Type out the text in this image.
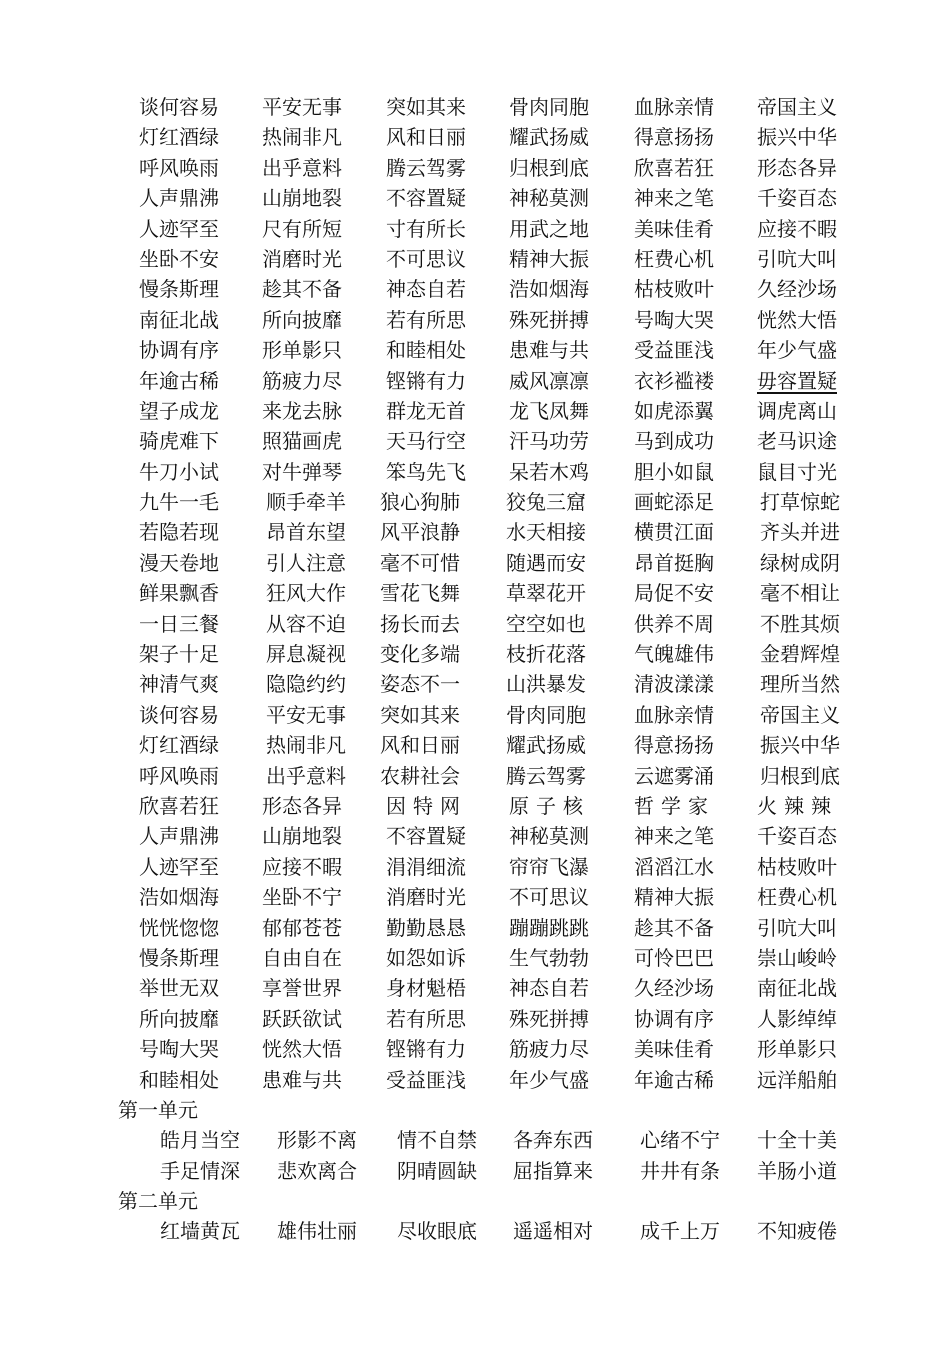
谈何容易 平安无事 突如其来 骨肉同胞 血脉亲情 帝国主义
灯红酒绿 热闹非凡 风和日丽 耀武扬威 得意扬扬 振兴中华
呼风唤雨 出乎意料 腾云驾雾 归根到底 欣喜若狂 形态各异
人声鼎沸 山崩地裂 不容置疑 神秘莫测 神来之笔 千姿百态
人迹罕至 尺有所短 寸有所长 用武之地 美味佳肴 应接不暇
坐卧不安 消磨时光 不可思议 精神大振 枉费心机 引吭大叫
慢条斯理 趁其不备 神态自若 浩如烟海 枯枝败叶 久经沙场
南征北战 所向披靡 若有所思 殊死拼搏 号啕大哭 恍然大悟
协调有序 形单影只 和睦相处 患难与共 受益匪浅 年少气盛
年逾古稀 筋疲力尽 铿锵有力 威风凛凛 衣衫褴褛 毋容置疑
望子成龙 来龙去脉 群龙无首 龙飞凤舞 如虎添翼 调虎离山
骑虎难下 照猫画虎 天马行空 汗马功劳 马到成功 老马识途
牛刀小试 对牛弹琴 笨鸟先飞 呆若木鸡 胆小如鼠 鼠目寸光
九牛一毛 顺手牵羊 狼心狗肺 狡兔三窟 画蛇添足 打草惊蛇
若隐若现 昂首东望 风平浪静 水天相接 横贯江面 齐头并进
漫天卷地 引人注意 毫不可惜 随遇而安 昂首挺胸 绿树成阴
鲜果飘香 狂风大作 雪花飞舞 草翠花开 局促不安 毫不相让
一日三餐 从容不迫 扬长而去 空空如也 供养不周 不胜其烦
架子十足 屏息凝视 变化多端 枝折花落 气魄雄伟 金碧辉煌
神清气爽 隐隐约约 姿态不一 山洪暴发 清波漾漾 理所当然
谈何容易 平安无事 突如其来 骨肉同胞 血脉亲情 帝国主义
灯红酒绿 热闹非凡 风和日丽 耀武扬威 得意扬扬 振兴中华
呼风唤雨 出乎意料 农耕社会 腾云驾雾 云遮雾涌 归根到底
欣喜若狂 形态各异 因特网 原子核 哲学家 火辣辣
人声鼎沸 山崩地裂 不容置疑 神秘莫测 神来之笔 千姿百态
人迹罕至 应接不暇 涓涓细流 帘帘飞瀑 滔滔江水 枯枝败叶
浩如烟海 坐卧不宁 消磨时光 不可思议 精神大振 枉费心机
恍恍惚惚 郁郁苍苍 勤勤恳恳 蹦蹦跳跳 趁其不备 引吭大叫
慢条斯理 自由自在 如怨如诉 生气勃勃 可怜巴巴 崇山峻岭
举世无双 享誉世界 身材魁梧 神态自若 久经沙场 南征北战
所向披靡 跃跃欲试 若有所思 殊死拼搏 协调有序 人影绰绰
号啕大哭 恍然大悟 铿锵有力 筋疲力尽 美味佳肴 形单影只
和睦相处 患难与共 受益匪浅 年少气盛 年逾古稀 远洋船舶
第一单元
皓月当空 形影不离 情不自禁 各奔东西 心绪不宁 十全十美
手足情深 悲欢离合 阴晴圆缺 屈指算来 井井有条 羊肠小道
第二单元
红墙黄瓦 雄伟壮丽 尽收眼底 遥遥相对 成千上万 不知疲倦
